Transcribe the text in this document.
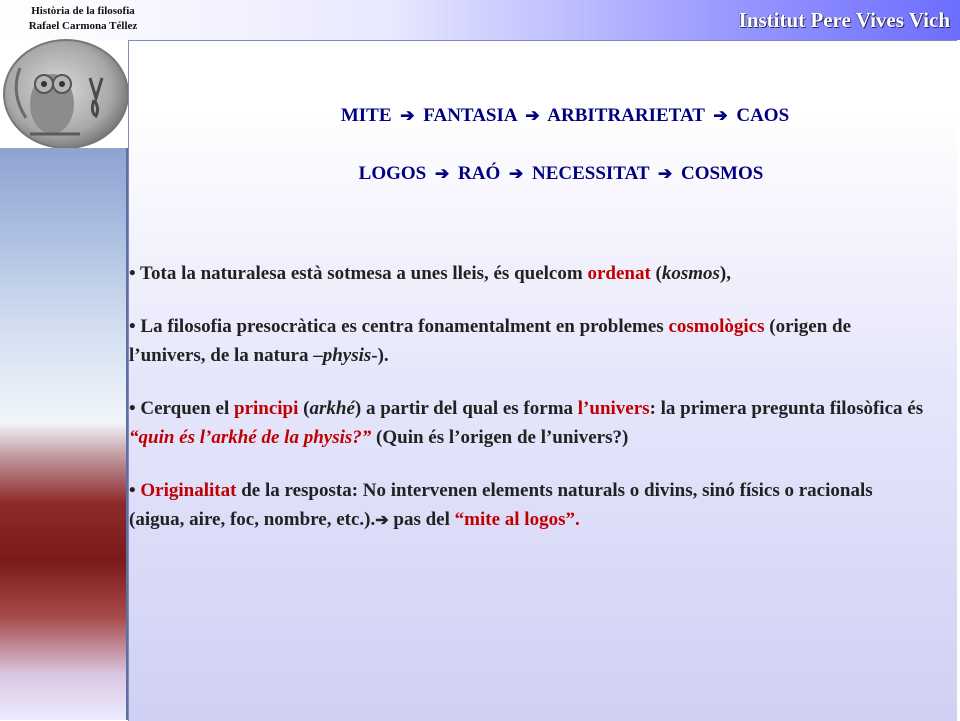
Història de la filosofia
Rafael Carmona Téllez	Institut Pere Vives Vich
MITE ➔ FANTASIA ➔ ARBITRARIETAT ➔ CAOS
LOGOS ➔ RAÓ ➔ NECESSITAT ➔ COSMOS
• Tota la naturalesa està sotmesa a unes lleis, és quelcom ordenat (kosmos),
• La filosofia presocràtica es centra fonamentalment en problemes cosmològics (origen de l’univers, de la natura –physis-).
• Cerquen el principi (arkhé) a partir del qual es forma l’univers: la primera pregunta filosòfica és “quin és l’arkhé de la physis?” (Quin és l’origen de l’univers?)
• Originalitat de la resposta: No intervenen elements naturals o divins, sinó físics o racionals (aigua, aire, foc, nombre, etc.).➔ pas del “mite al logos”.
